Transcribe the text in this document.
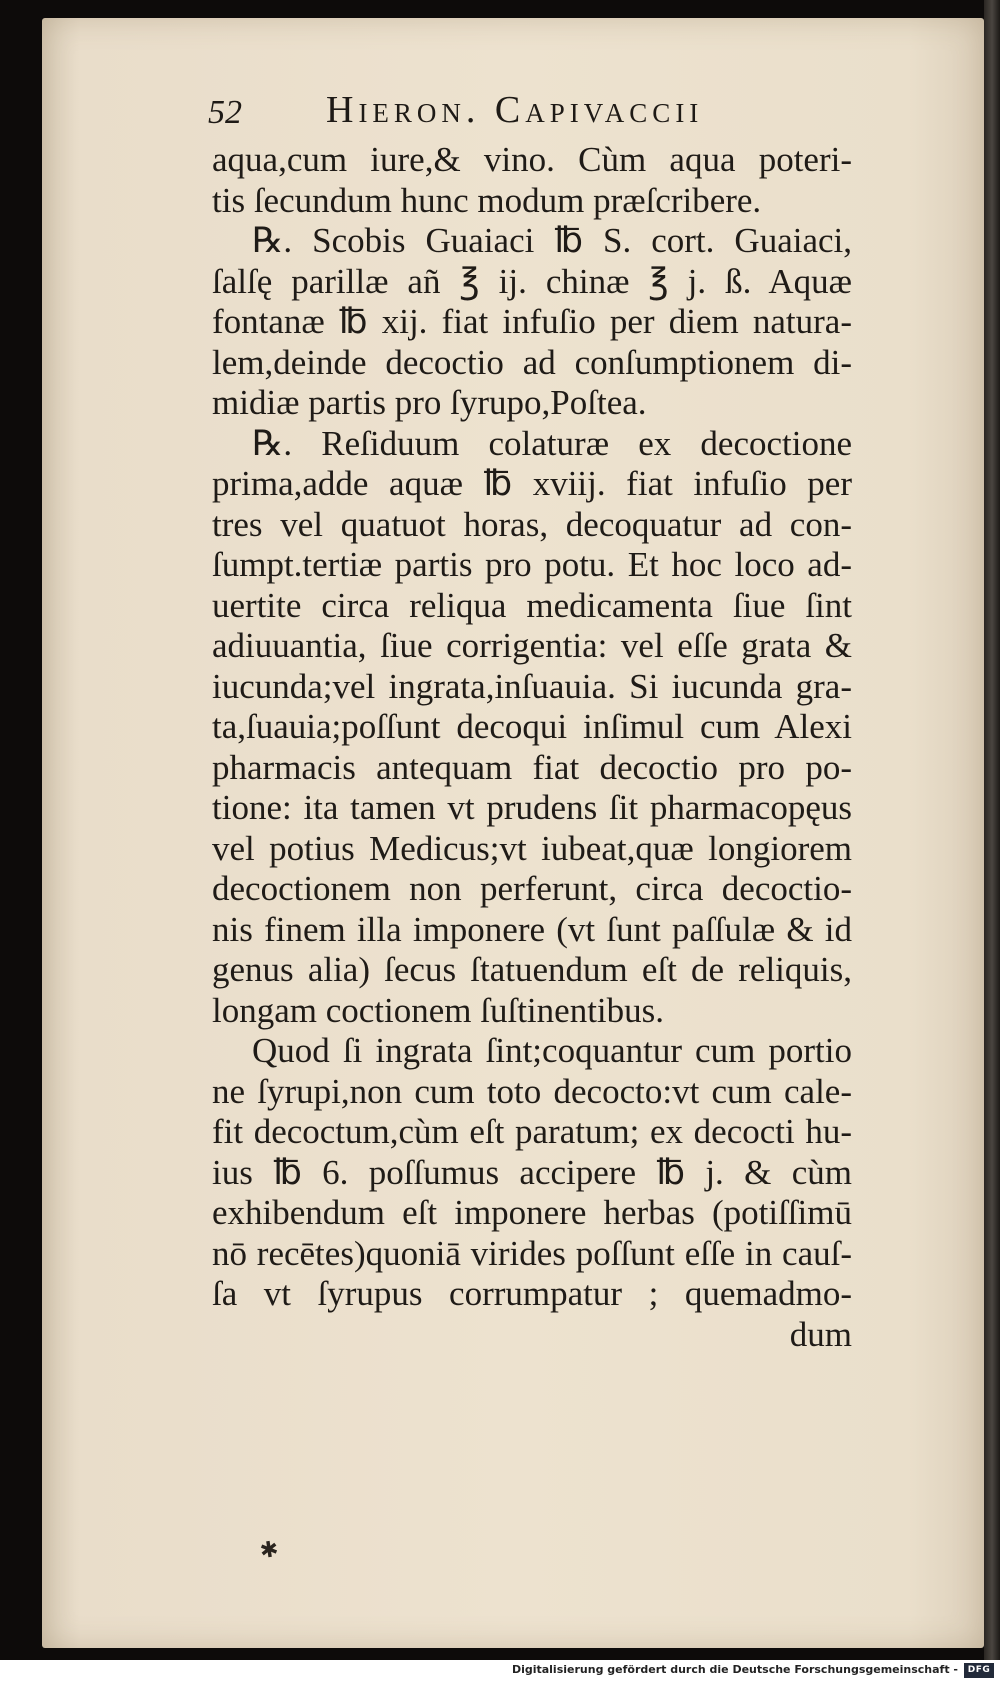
52 Hieron. Capivaccii
aqua,cum iure,& vino. Cùm aqua poteri-
tis ſecundum hunc modum præſcribere.
℞. Scobis Guaiaci ℔ S. cort. Guaiaci,
ſalſę parillæ añ ℥ ij. chinæ ℥ j. ß. Aquæ
fontanæ ℔ xij. fiat infuſio per diem natura-
lem,deinde decoctio ad conſumptionem di-
midiæ partis pro ſyrupo,Poſtea.
℞. Reſiduum colaturæ ex decoctione
prima,adde aquæ ℔ xviij. fiat infuſio per
tres vel quatuot horas, decoquatur ad con-
ſumpt.tertiæ partis pro potu. Et hoc loco ad-
uertite circa reliqua medicamenta ſiue ſint
adiuuantia, ſiue corrigentia: vel eſſe grata &
iucunda;vel ingrata,inſuauia. Si iucunda gra-
ta,ſuauia;poſſunt decoqui inſimul cum Alexi
pharmacis antequam fiat decoctio pro po-
tione: ita tamen vt prudens ſit pharmacopęus
vel potius Medicus;vt iubeat,quæ longiorem
decoctionem non perferunt, circa decoctio-
nis finem illa imponere (vt ſunt paſſulæ & id
genus alia) ſecus ſtatuendum eſt de reliquis,
longam coctionem ſuſtinentibus.
Quod ſi ingrata ſint;coquantur cum portio
ne ſyrupi,non cum toto decocto:vt cum cale-
fit decoctum,cùm eſt paratum; ex decocti hu-
ius ℔ 6. poſſumus accipere ℔ j. & cùm
exhibendum eſt imponere herbas (potiſſimū
nō recētes)quoniā virides poſſunt eſſe in cauſ-
ſa vt ſyrupus corrumpatur ; quemadmo-
dum
✱
Digitalisierung gefördert durch die Deutsche Forschungsgemeinschaft -	DFG
